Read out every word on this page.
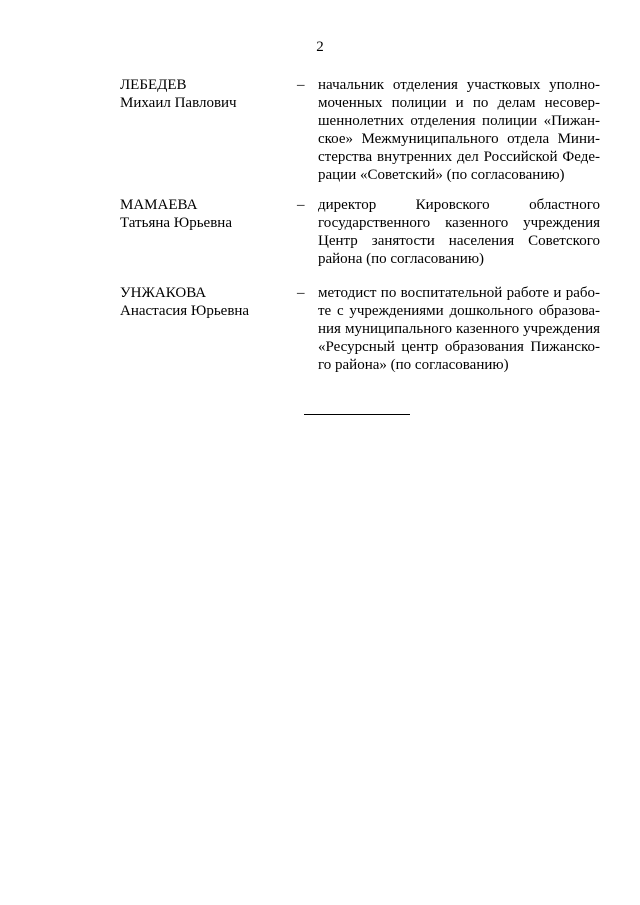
2
ЛЕБЕДЕВ
Михаил Павлович
– начальник отделения участковых уполно-
моченных полиции и по делам несовер-
шеннолетних отделения полиции «Пижан-
ское» Межмуниципального отдела Мини-
стерства внутренних дел Российской Феде-
рации «Советский» (по согласованию)
МАМАЕВА
Татьяна Юрьевна
– директор Кировского областного
государственного казенного учреждения
Центр занятости населения Советского
района (по согласованию)
УНЖАКОВА
Анастасия Юрьевна
– методист по воспитательной работе и рабо-
те с учреждениями дошкольного образова-
ния муниципального казенного учреждения
«Ресурсный центр образования Пижанско-
го района» (по согласованию)
